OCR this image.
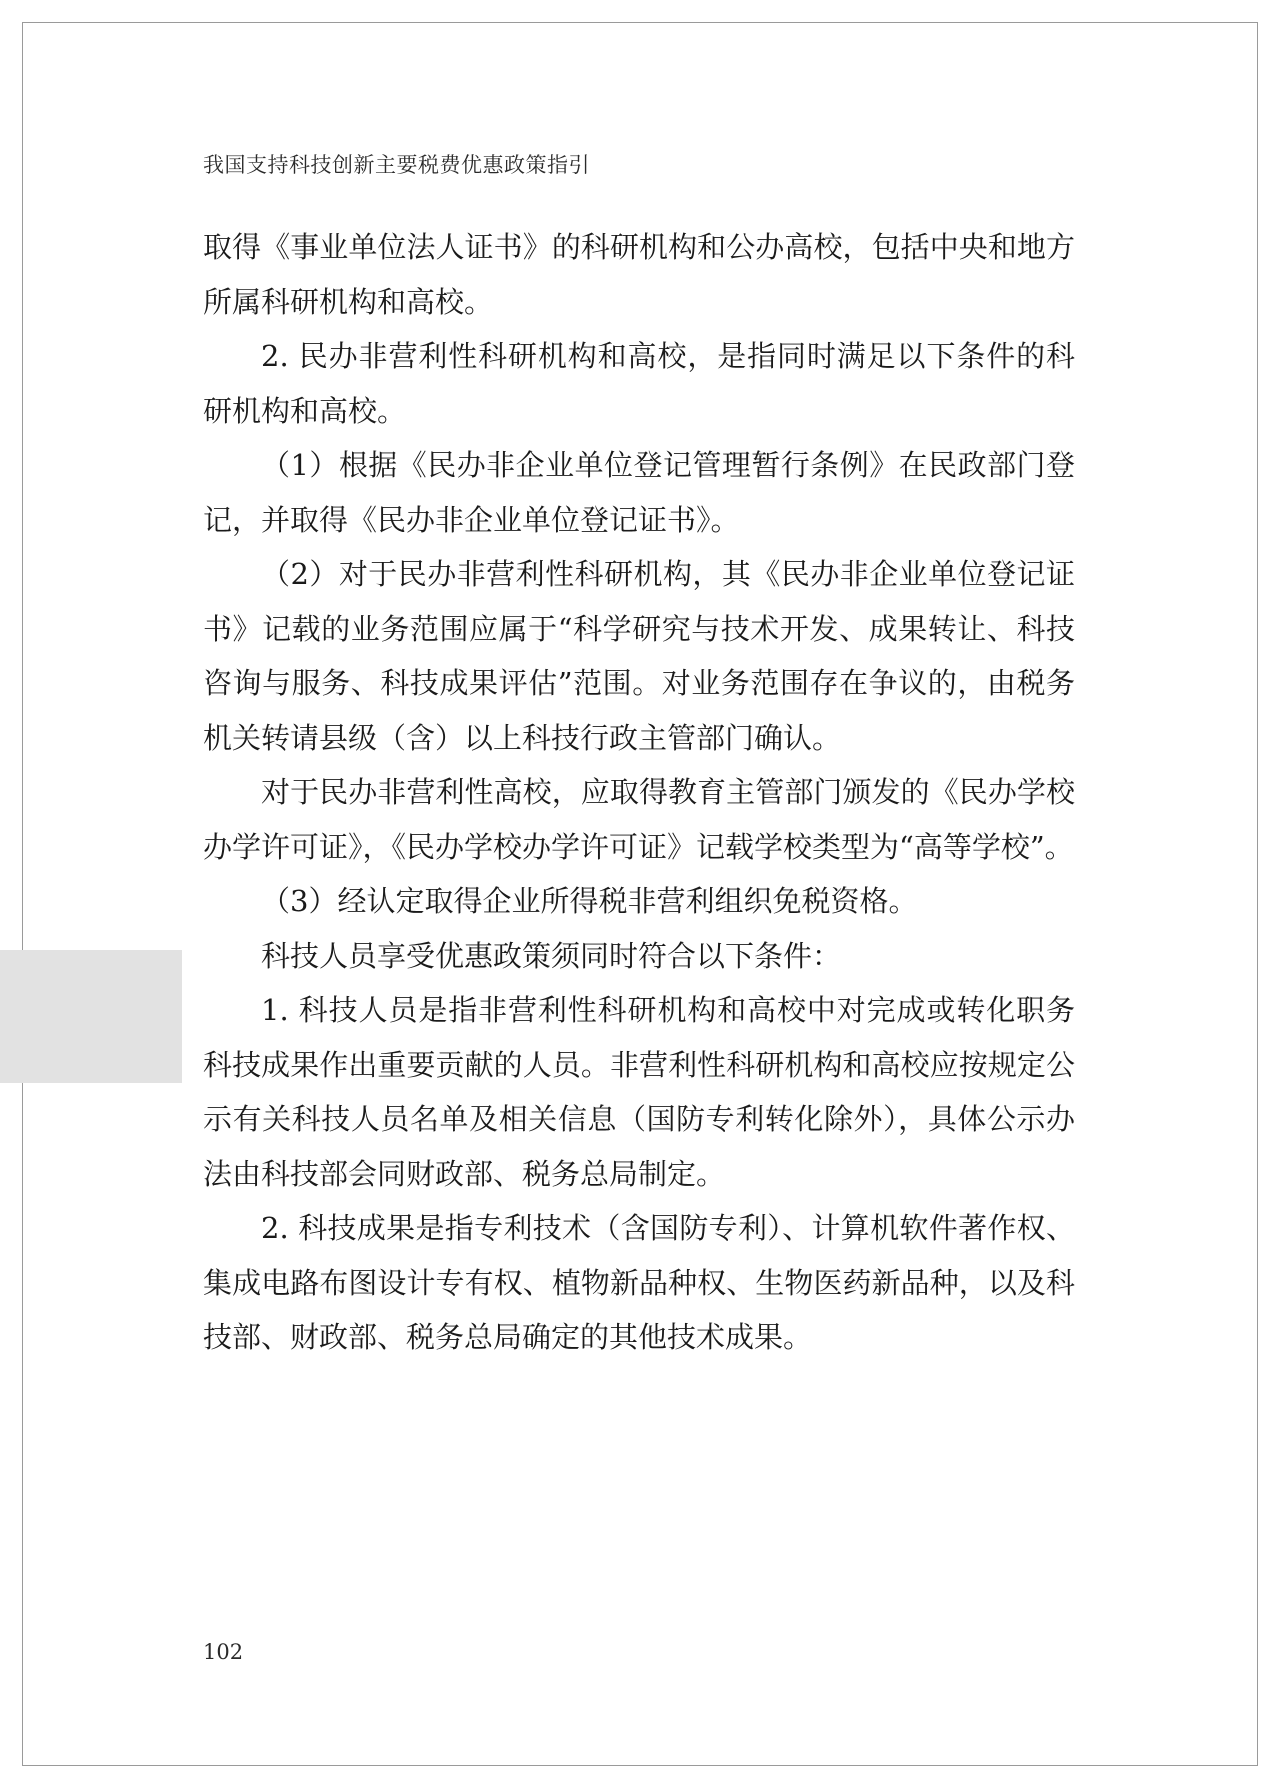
我国支持科技创新主要税费优惠政策指引

取得《事业单位法人证书》的科研机构和公办高校，包括中央和地方所属科研机构和高校。

2. 民办非营利性科研机构和高校，是指同时满足以下条件的科研机构和高校。

（1）根据《民办非企业单位登记管理暂行条例》在民政部门登记，并取得《民办非企业单位登记证书》。

（2）对于民办非营利性科研机构，其《民办非企业单位登记证书》记载的业务范围应属于“科学研究与技术开发、成果转让、科技咨询与服务、科技成果评估”范围。对业务范围存在争议的，由税务机关转请县级（含）以上科技行政主管部门确认。

对于民办非营利性高校，应取得教育主管部门颁发的《民办学校办学许可证》，《民办学校办学许可证》记载学校类型为“高等学校”。

（3）经认定取得企业所得税非营利组织免税资格。

科技人员享受优惠政策须同时符合以下条件：

1. 科技人员是指非营利性科研机构和高校中对完成或转化职务科技成果作出重要贡献的人员。非营利性科研机构和高校应按规定公示有关科技人员名单及相关信息（国防专利转化除外），具体公示办法由科技部会同财政部、税务总局制定。

2. 科技成果是指专利技术（含国防专利）、计算机软件著作权、集成电路布图设计专有权、植物新品种权、生物医药新品种，以及科技部、财政部、税务总局确定的其他技术成果。

102
